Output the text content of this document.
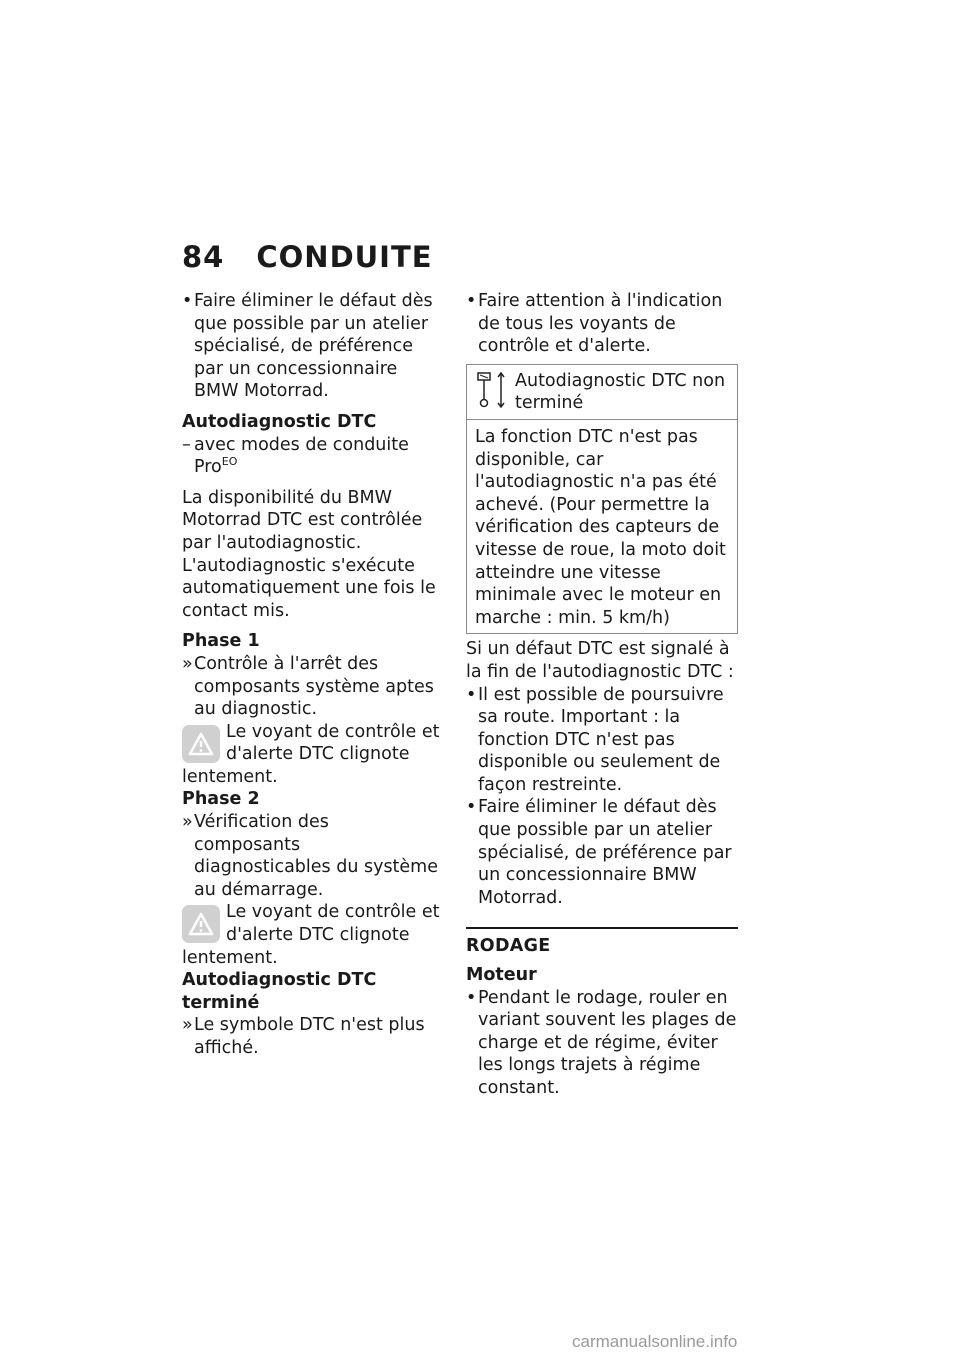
84 CONDUITE

• Faire éliminer le défaut dès que possible par un atelier spécialisé, de préférence par un concessionnaire BMW Motorrad.

Autodiagnostic DTC

– avec modes de conduite Pro$^{EO}$

La disponibilité du BMW Motorrad DTC est contrôlée par l'autodiagnostic. L'autodiagnostic s'exécute automatiquement une fois le contact mis.

Phase 1

» Contrôle à l'arrêt des composants système aptes au diagnostic.

Le voyant de contrôle et d'alerte DTC clignote lentement.

Phase 2

» Vérification des composants diagnosticables du système au démarrage.

Le voyant de contrôle et d'alerte DTC clignote lentement.

Autodiagnostic DTC terminé

» Le symbole DTC n'est plus affiché.

• Faire attention à l'indication de tous les voyants de contrôle et d'alerte.

Autodiagnostic DTC non terminé
La fonction DTC n'est pas disponible, car l'autodiagnostic n'a pas été achevé. (Pour permettre la vérification des capteurs de vitesse de roue, la moto doit atteindre une vitesse minimale avec le moteur en marche : min. 5 km/h)

Si un défaut DTC est signalé à la fin de l'autodiagnostic DTC :

• Il est possible de poursuivre sa route. Important : la fonction DTC n'est pas disponible ou seulement de façon restreinte.

• Faire éliminer le défaut dès que possible par un atelier spécialisé, de préférence par un concessionnaire BMW Motorrad.

RODAGE

Moteur

• Pendant le rodage, rouler en variant souvent les plages de charge et de régime, éviter les longs trajets à régime constant.

carmanualsonline.info
